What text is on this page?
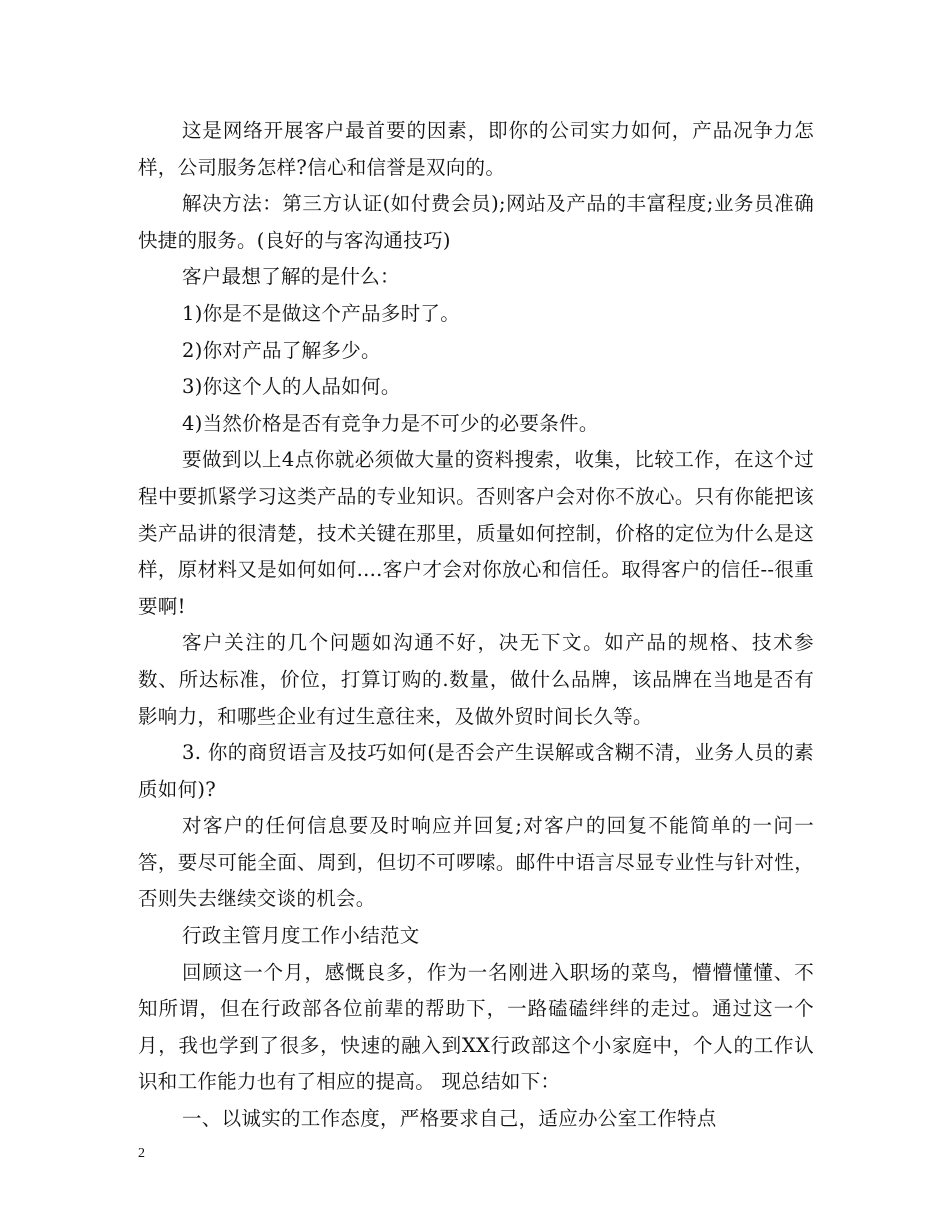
这是网络开展客户最首要的因素，即你的公司实力如何，产品况争力怎样，公司服务怎样?信心和信誉是双向的。

解决方法：第三方认证(如付费会员);网站及产品的丰富程度;业务员准确快捷的服务。(良好的与客沟通技巧)

客户最想了解的是什么：

1)你是不是做这个产品多时了。

2)你对产品了解多少。

3)你这个人的人品如何。

4)当然价格是否有竞争力是不可少的必要条件。

要做到以上4点你就必须做大量的资料搜索，收集，比较工作，在这个过程中要抓紧学习这类产品的专业知识。否则客户会对你不放心。只有你能把该类产品讲的很清楚，技术关键在那里，质量如何控制，价格的定位为什么是这样，原材料又是如何如何....客户才会对你放心和信任。取得客户的信任--很重要啊!

客户关注的几个问题如沟通不好，决无下文。如产品的规格、技术参数、所达标准，价位，打算订购的.数量，做什么品牌，该品牌在当地是否有影响力，和哪些企业有过生意往来，及做外贸时间长久等。

3. 你的商贸语言及技巧如何(是否会产生误解或含糊不清，业务人员的素质如何)?

对客户的任何信息要及时响应并回复;对客户的回复不能简单的一问一答，要尽可能全面、周到，但切不可啰嗦。邮件中语言尽显专业性与针对性，否则失去继续交谈的机会。

行政主管月度工作小结范文

回顾这一个月，感慨良多，作为一名刚进入职场的菜鸟，懵懵懂懂、不知所谓，但在行政部各位前辈的帮助下，一路磕磕绊绊的走过。通过这一个月，我也学到了很多，快速的融入到XX行政部这个小家庭中，个人的工作认识和工作能力也有了相应的提高。 现总结如下：

一、以诚实的工作态度，严格要求自己，适应办公室工作特点

2
